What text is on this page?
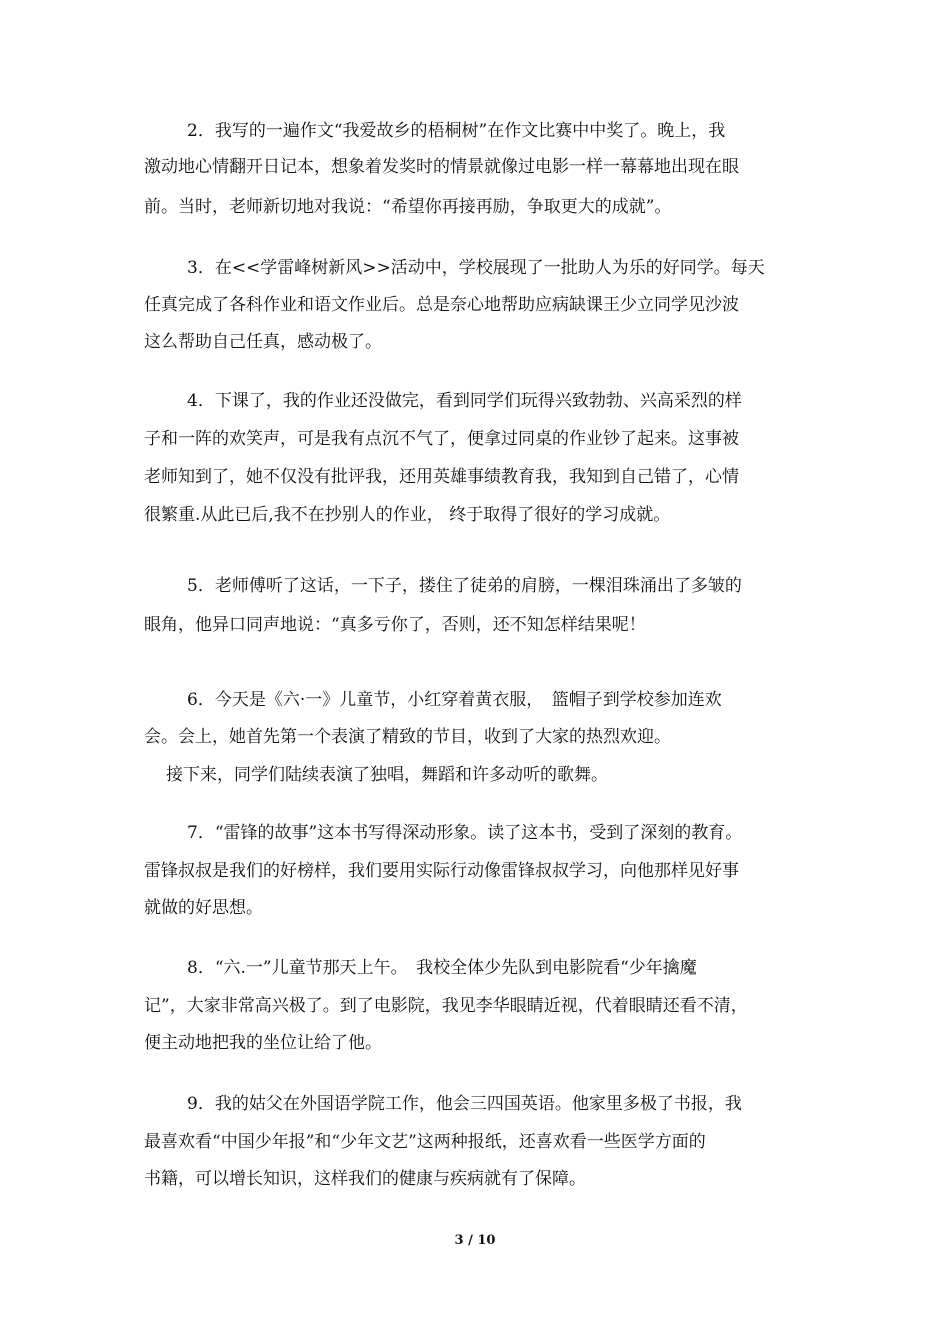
2．我写的一遍作文“我爱故乡的梧桐树”在作文比赛中中奖了。晚上，我
激动地心情翻开日记本，想象着发奖时的情景就像过电影一样一幕幕地出现在眼
前。当时，老师新切地对我说：“希望你再接再励，争取更大的成就”。
3．在<<学雷峰树新风>>活动中，学校展现了一批助人为乐的好同学。每天
任真完成了各科作业和语文作业后。总是奈心地帮助应病缺课王少立同学见沙波
这么帮助自己任真，感动极了。
4．下课了，我的作业还没做完，看到同学们玩得兴致勃勃、兴高采烈的样
子和一阵的欢笑声，可是我有点沉不气了，便拿过同桌的作业钞了起来。这事被
老师知到了，她不仅没有批评我，还用英雄事绩教育我，我知到自己错了，心情
很繁重.从此已后,我不在抄别人的作业， 终于取得了很好的学习成就。
5．老师傅听了这话，一下子，搂住了徒弟的肩膀，一棵泪珠涌出了多皱的
眼角，他异口同声地说：“真多亏你了，否则，还不知怎样结果呢！
6．今天是《六·一》儿童节，小红穿着黄衣服，　篮帽子到学校参加连欢
会。会上，她首先第一个表演了精致的节目，收到了大家的热烈欢迎。
接下来，同学们陆续表演了独唱，舞蹈和许多动听的歌舞。
7．“雷锋的故事”这本书写得深动形象。读了这本书，受到了深刻的教育。
雷锋叔叔是我们的好榜样，我们要用实际行动像雷锋叔叔学习，向他那样见好事
就做的好思想。
8．“六.一”儿童节那天上午。　我校全体少先队到电影院看“少年擒魔
记”，大家非常高兴极了。到了电影院，我见李华眼睛近视，代着眼睛还看不清，
便主动地把我的坐位让给了他。
9．我的姑父在外国语学院工作，他会三四国英语。他家里多极了书报，我
最喜欢看“中国少年报”和“少年文艺”这两种报纸，还喜欢看一些医学方面的
书籍，可以增长知识，这样我们的健康与疾病就有了保障。
3 / 10
